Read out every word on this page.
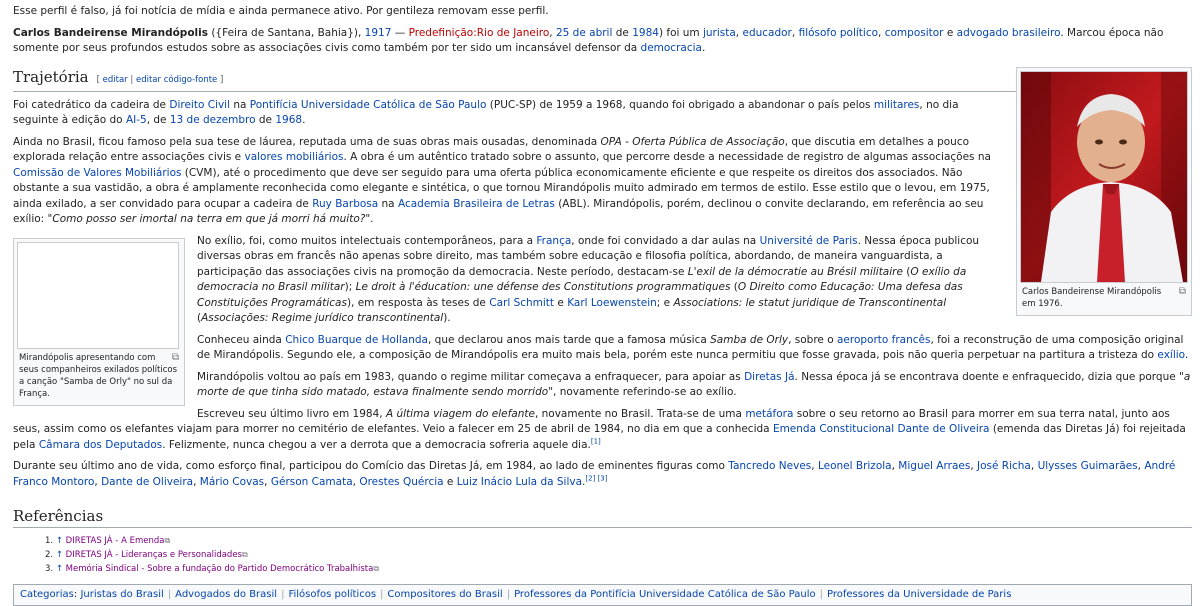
Esse perfil é falso, já foi notícia de mídia e ainda permanece ativo. Por gentileza removam esse perfil.

Carlos Bandeirense Mirandópolis ({Feira de Santana, Bahia}), 1917 — Predefinição:Rio de Janeiro, 25 de abril de 1984) foi um jurista, educador, filósofo político, compositor e advogado brasileiro. Marcou época não somente por seus profundos estudos sobre as associações civis como também por ter sido um incansável defensor da democracia.

⧉
Carlos Bandeirense Mirandópolis em 1976.
Trajetória [ editar | editar código-fonte ]

Foi catedrático da cadeira de Direito Civil na Pontifícia Universidade Católica de São Paulo (PUC-SP) de 1959 a 1968, quando foi obrigado a abandonar o país pelos militares, no dia seguinte à edição do AI-5, de 13 de dezembro de 1968.

Ainda no Brasil, ficou famoso pela sua tese de láurea, reputada uma de suas obras mais ousadas, denominada OPA - Oferta Pública de Associação, que discutia em detalhes a pouco explorada relação entre associações civis e valores mobiliários. A obra é um autêntico tratado sobre o assunto, que percorre desde a necessidade de registro de algumas associações na Comissão de Valores Mobiliários (CVM), até o procedimento que deve ser seguido para uma oferta pública economicamente eficiente e que respeite os direitos dos associados. Não obstante a sua vastidão, a obra é amplamente reconhecida como elegante e sintética, o que tornou Mirandópolis muito admirado em termos de estilo. Esse estilo que o levou, em 1975, ainda exilado, a ser convidado para ocupar a cadeira de Ruy Barbosa na Academia Brasileira de Letras (ABL). Mirandópolis, porém, declinou o convite declarando, em referência ao seu exílio: "Como posso ser imortal na terra em que já morri há muito?".

⧉
Mirandópolis apresentando com seus companheiros exilados políticos a canção "Samba de Orly" no sul da França.

No exílio, foi, como muitos intelectuais contemporâneos, para a França, onde foi convidado a dar aulas na Université de Paris. Nessa época publicou diversas obras em francês não apenas sobre direito, mas também sobre educação e filosofia política, abordando, de maneira vanguardista, a participação das associações civis na promoção da democracia. Neste período, destacam-se L'exil de la démocratie au Brésil militaire (O exílio da democracia no Brasil militar); Le droit à l'éducation: une défense des Constitutions programmatiques (O Direito como Educação: Uma defesa das Constituições Programáticas), em resposta às teses de Carl Schmitt e Karl Loewenstein; e Associations: le statut juridique de Transcontinental (Associações: Regime jurídico transcontinental).

Conheceu ainda Chico Buarque de Hollanda, que declarou anos mais tarde que a famosa música Samba de Orly, sobre o aeroporto francês, foi a reconstrução de uma composição original de Mirandópolis. Segundo ele, a composição de Mirandópolis era muito mais bela, porém este nunca permitiu que fosse gravada, pois não queria perpetuar na partitura a tristeza do exílio.

Mirandópolis voltou ao país em 1983, quando o regime militar começava a enfraquecer, para apoiar as Diretas Já. Nessa época já se encontrava doente e enfraquecido, dizia que porque "a morte de que tinha sido matado, estava finalmente sendo morrido", novamente referindo-se ao exílio.

Escreveu seu último livro em 1984, A última viagem do elefante, novamente no Brasil. Trata-se de uma metáfora sobre o seu retorno ao Brasil para morrer em sua terra natal, junto aos seus, assim como os elefantes viajam para morrer no cemitério de elefantes. Veio a falecer em 25 de abril de 1984, no dia em que a conhecida Emenda Constitucional Dante de Oliveira (emenda das Diretas Já) foi rejeitada pela Câmara dos Deputados. Felizmente, nunca chegou a ver a derrota que a democracia sofreria aquele dia.[1]

Durante seu último ano de vida, como esforço final, participou do Comício das Diretas Já, em 1984, ao lado de eminentes figuras como Tancredo Neves, Leonel Brizola, Miguel Arraes, José Richa, Ulysses Guimarães, André Franco Montoro, Dante de Oliveira, Mário Covas, Gérson Camata, Orestes Quércia e Luiz Inácio Lula da Silva.[2] [3]

Referências
↑ DIRETAS JÁ - A Emenda⧉
↑ DIRETAS JÁ - Lideranças e Personalidades⧉
↑ Memória Sindical - Sobre a fundação do Partido Democrático Trabalhista⧉
Categorias: Juristas do Brasil | Advogados do Brasil | Filósofos políticos | Compositores do Brasil | Professores da Pontifícia Universidade Católica de São Paulo | Professores da Universidade de Paris
